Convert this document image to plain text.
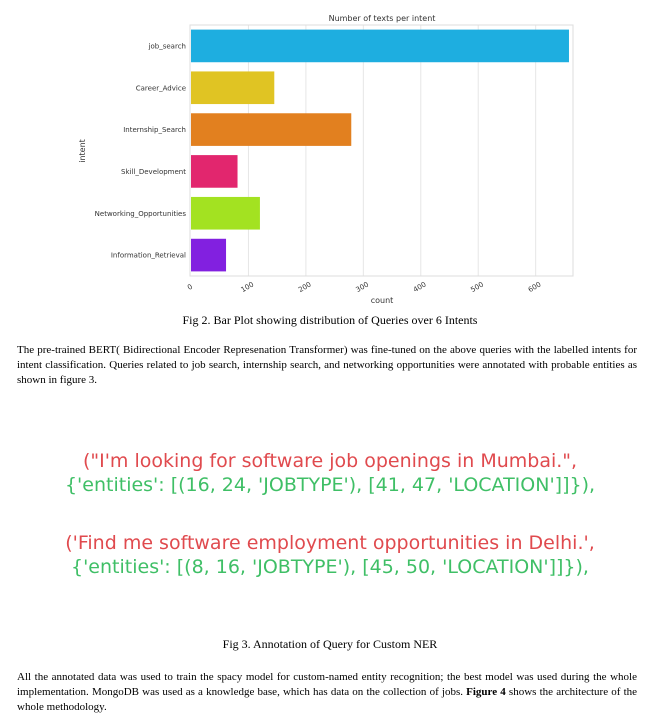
Number of texts per intent
job_search
Career_Advice
Internship_Search
Skill_Development
Networking_Opportunities
Information_Retrieval
0	100	200	300	400	500	600
count
intent
Fig 2. Bar Plot showing distribution of Queries over 6 Intents
The pre-trained BERT( Bidirectional Encoder Represenation Transformer) was fine-tuned on the above queries with the labelled intents for intent classification. Queries related to job search, internship search, and networking opportunities were annotated with probable entities as shown in figure 3.
("I'm looking for software job openings in Mumbai.",
{'entities': [(16, 24, 'JOBTYPE'), [41, 47, 'LOCATION']]}),
('Find me software employment opportunities in Delhi.',
{'entities': [(8, 16, 'JOBTYPE'), [45, 50, 'LOCATION']]}),
Fig 3. Annotation of Query for Custom NER
All the annotated data was used to train the spacy model for custom-named entity recognition; the best model was used during the whole implementation. MongoDB was used as a knowledge base, which has data on the collection of jobs. Figure 4 shows the architecture of the whole methodology.
